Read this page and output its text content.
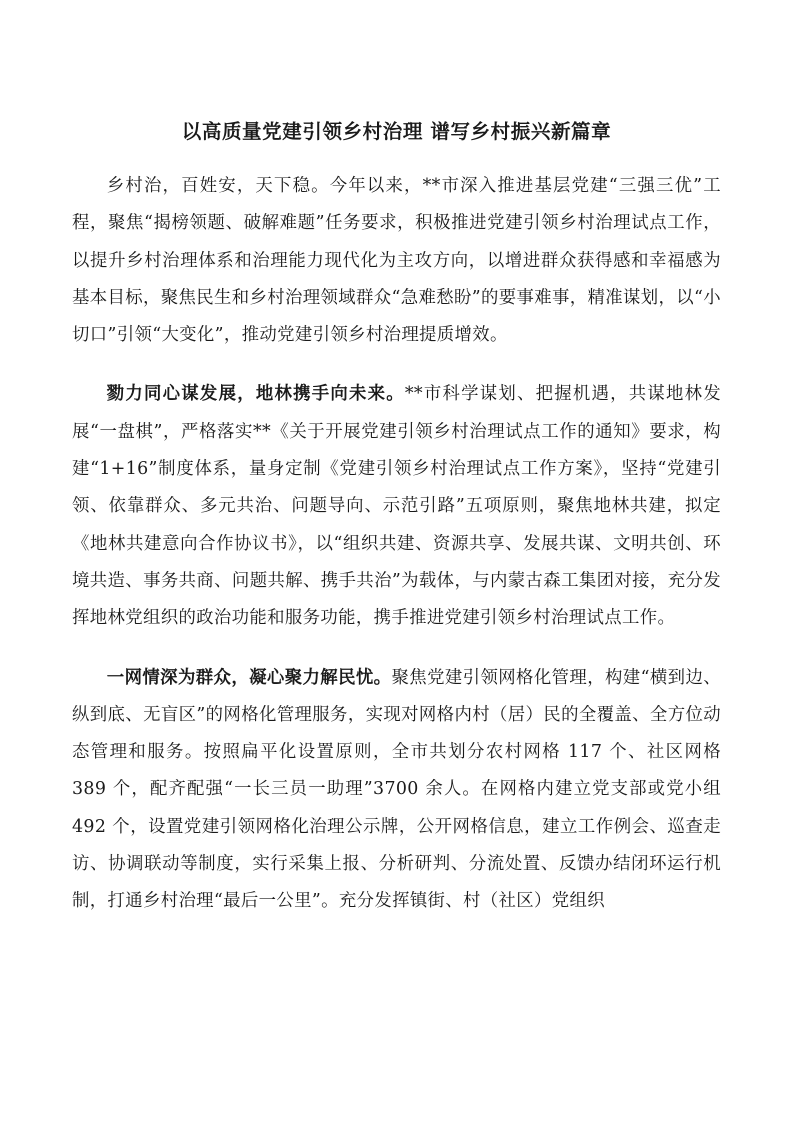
以高质量党建引领乡村治理 谱写乡村振兴新篇章

乡村治，百姓安，天下稳。今年以来，**市深入推进基层党建“三强三优”工程，聚焦“揭榜领题、破解难题”任务要求，积极推进党建引领乡村治理试点工作，以提升乡村治理体系和治理能力现代化为主攻方向，以增进群众获得感和幸福感为基本目标，聚焦民生和乡村治理领域群众“急难愁盼”的要事难事，精准谋划，以“小切口”引领“大变化”，推动党建引领乡村治理提质增效。

勠力同心谋发展，地林携手向未来。**市科学谋划、把握机遇，共谋地林发展“一盘棋”，严格落实**《关于开展党建引领乡村治理试点工作的通知》要求，构建“1+16”制度体系，量身定制《党建引领乡村治理试点工作方案》，坚持“党建引领、依靠群众、多元共治、问题导向、示范引路”五项原则，聚焦地林共建，拟定《地林共建意向合作协议书》，以“组织共建、资源共享、发展共谋、文明共创、环境共造、事务共商、问题共解、携手共治”为载体，与内蒙古森工集团对接，充分发挥地林党组织的政治功能和服务功能，携手推进党建引领乡村治理试点工作。

一网情深为群众，凝心聚力解民忧。聚焦党建引领网格化管理，构建“横到边、纵到底、无盲区”的网格化管理服务，实现对网格内村（居）民的全覆盖、全方位动态管理和服务。按照扁平化设置原则，全市共划分农村网格 117 个、社区网格 389 个，配齐配强“一长三员一助理”3700 余人。在网格内建立党支部或党小组 492 个，设置党建引领网格化治理公示牌，公开网格信息，建立工作例会、巡查走访、协调联动等制度，实行采集上报、分析研判、分流处置、反馈办结闭环运行机制，打通乡村治理“最后一公里”。充分发挥镇街、村（社区）党组织
